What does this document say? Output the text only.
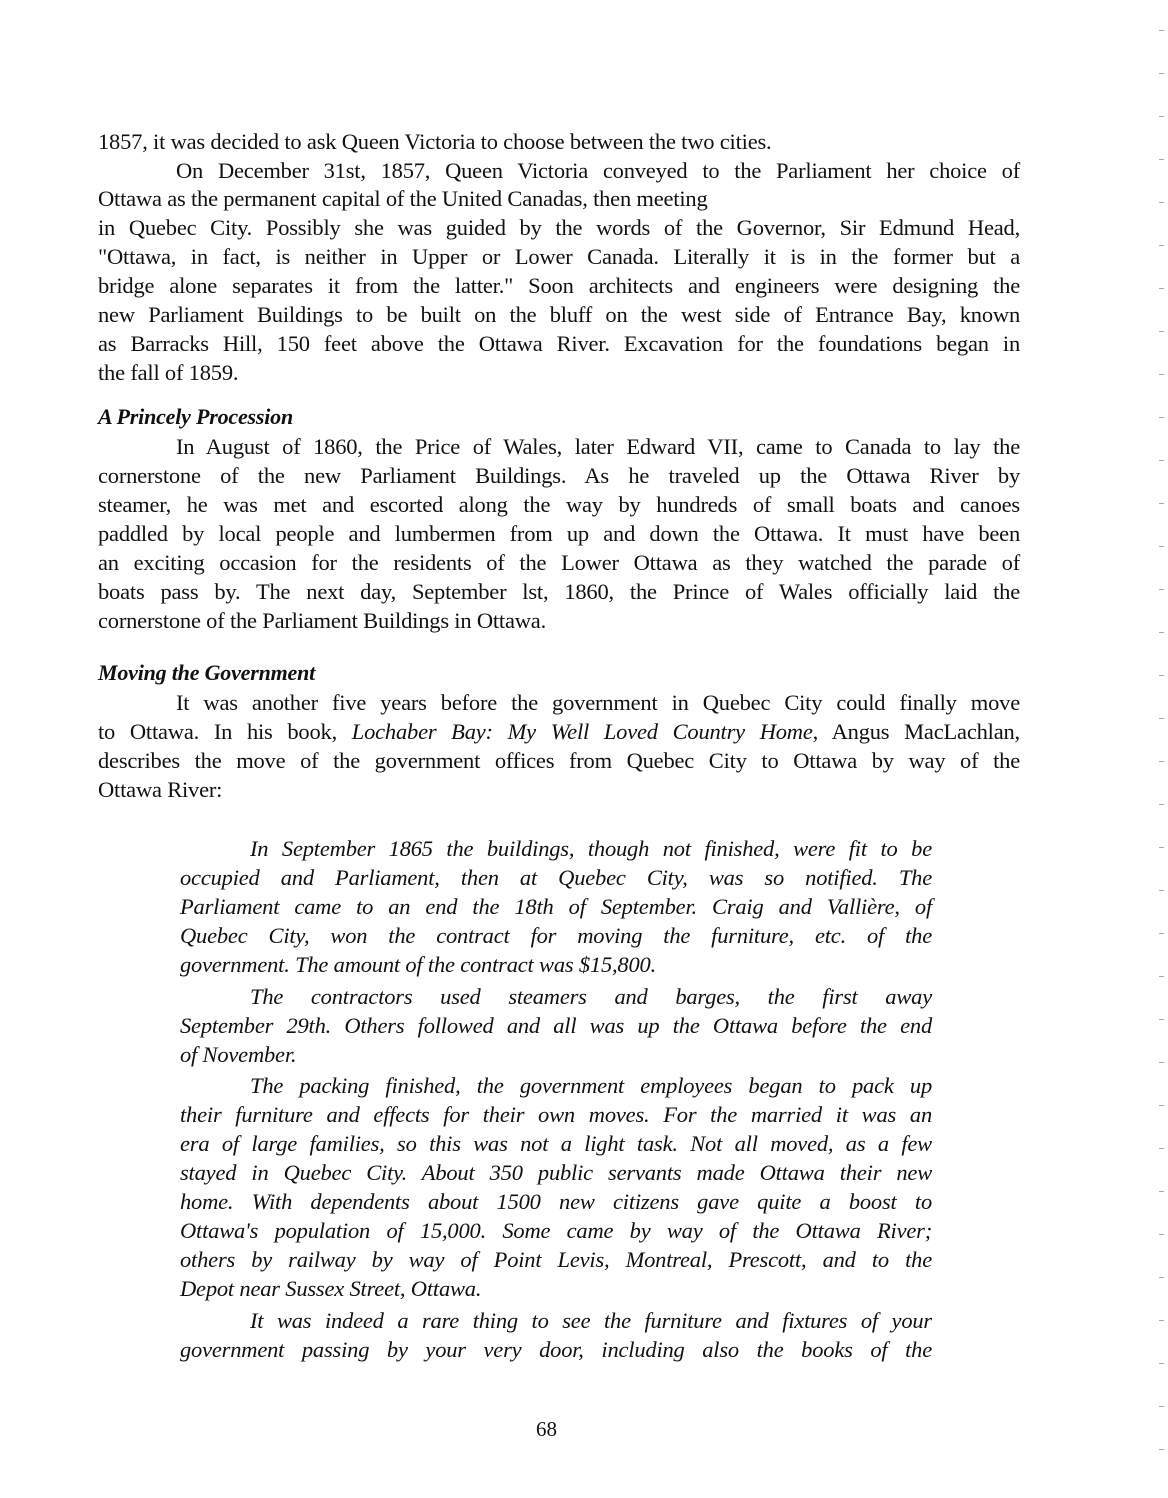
1857, it was decided to ask Queen Victoria to choose between the two cities.
On December 31st, 1857, Queen Victoria conveyed to the Parliament her choice of
Ottawa as the permanent capital of the United Canadas, then meeting
in Quebec City. Possibly she was guided by the words of the Governor, Sir Edmund Head,
"Ottawa, in fact, is neither in Upper or Lower Canada. Literally it is in the former but a
bridge alone separates it from the latter." Soon architects and engineers were designing the
new Parliament Buildings to be built on the bluff on the west side of Entrance Bay, known
as Barracks Hill, 150 feet above the Ottawa River. Excavation for the foundations began in
the fall of 1859.
A Princely Procession
In August of 1860, the Price of Wales, later Edward VII, came to Canada to lay the
cornerstone of the new Parliament Buildings. As he traveled up the Ottawa River by
steamer, he was met and escorted along the way by hundreds of small boats and canoes
paddled by local people and lumbermen from up and down the Ottawa. It must have been
an exciting occasion for the residents of the Lower Ottawa as they watched the parade of
boats pass by. The next day, September lst, 1860, the Prince of Wales officially laid the
cornerstone of the Parliament Buildings in Ottawa.
Moving the Government
It was another five years before the government in Quebec City could finally move
to Ottawa. In his book, Lochaber Bay: My Well Loved Country Home, Angus MacLachlan,
describes the move of the government offices from Quebec City to Ottawa by way of the
Ottawa River:
In September 1865 the buildings, though not finished, were fit to be
occupied and Parliament, then at Quebec City, was so notified. The
Parliament came to an end the 18th of September. Craig and Vallière, of
Quebec City, won the contract for moving the furniture, etc. of the
government. The amount of the contract was $15,800.
The contractors used steamers and barges, the first away
September 29th. Others followed and all was up the Ottawa before the end
of November.
The packing finished, the government employees began to pack up
their furniture and effects for their own moves. For the married it was an
era of large families, so this was not a light task. Not all moved, as a few
stayed in Quebec City. About 350 public servants made Ottawa their new
home. With dependents about 1500 new citizens gave quite a boost to
Ottawa's population of 15,000. Some came by way of the Ottawa River;
others by railway by way of Point Levis, Montreal, Prescott, and to the
Depot near Sussex Street, Ottawa.
It was indeed a rare thing to see the furniture and fixtures of your
government passing by your very door, including also the books of the
68
